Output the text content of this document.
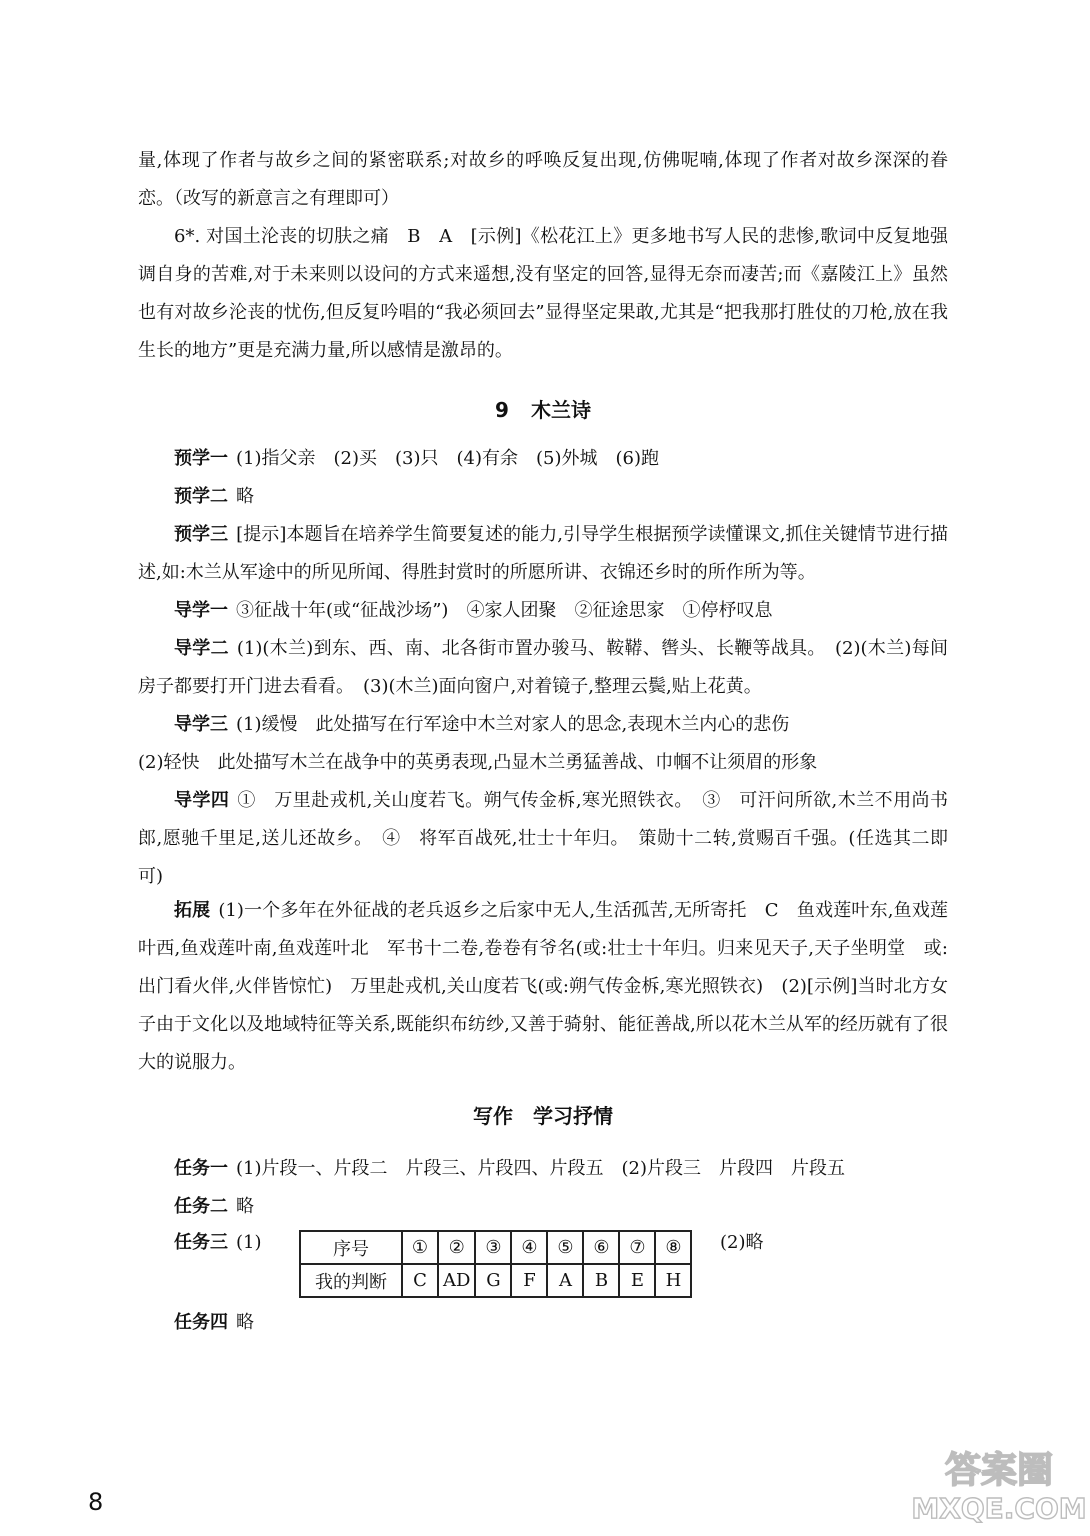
量,体现了作者与故乡之间的紧密联系;对故乡的呼唤反复出现,仿佛呢喃,体现了作者对故乡深深的眷恋。（改写的新意言之有理即可）
6*. 对国土沦丧的切肤之痛　B　A　[示例]《松花江上》更多地书写人民的悲惨,歌词中反复地强调自身的苦难,对于未来则以设问的方式来遥想,没有坚定的回答,显得无奈而凄苦;而《嘉陵江上》虽然也有对故乡沦丧的忧伤,但反复吟唱的“我必须回去”显得坚定果敢,尤其是“把我那打胜仗的刀枪,放在我生长的地方”更是充满力量,所以感情是激昂的。
9 木兰诗
预学一 (1)指父亲　(2)买　(3)只　(4)有余　(5)外城　(6)跑
预学二 略
预学三 [提示]本题旨在培养学生简要复述的能力,引导学生根据预学读懂课文,抓住关键情节进行描述,如:木兰从军途中的所见所闻、得胜封赏时的所愿所讲、衣锦还乡时的所作所为等。
导学一 ③征战十年(或“征战沙场”)　④家人团聚　②征途思家　①停杼叹息
导学二 (1)(木兰)到东、西、南、北各街市置办骏马、鞍鞯、辔头、长鞭等战具。　(2)(木兰)每间房子都要打开门进去看看。　(3)(木兰)面向窗户,对着镜子,整理云鬓,贴上花黄。
导学三 (1)缓慢　此处描写在行军途中木兰对家人的思念,表现木兰内心的悲伤
(2)轻快　此处描写木兰在战争中的英勇表现,凸显木兰勇猛善战、巾帼不让须眉的形象
导学四 ①　万里赴戎机,关山度若飞。朔气传金柝,寒光照铁衣。　③　可汗问所欲,木兰不用尚书郎,愿驰千里足,送儿还故乡。　④　将军百战死,壮士十年归。　策勋十二转,赏赐百千强。(任选其二即可)
拓展 (1)一个多年在外征战的老兵返乡之后家中无人,生活孤苦,无所寄托　C　鱼戏莲叶东,鱼戏莲叶西,鱼戏莲叶南,鱼戏莲叶北　军书十二卷,卷卷有爷名(或:壮士十年归。归来见天子,天子坐明堂　或:出门看火伴,火伴皆惊忙)　万里赴戎机,关山度若飞(或:朔气传金柝,寒光照铁衣)　(2)[示例]当时北方女子由于文化以及地域特征等关系,既能织布纺纱,又善于骑射、能征善战,所以花木兰从军的经历就有了很大的说服力。
写作 学习抒情
任务一 (1)片段一、片段二　片段三、片段四、片段五　(2)片段三　片段四　片段五
任务二 略
任务三 (1)	(2)略
序号	①	②	③	④	⑤	⑥	⑦	⑧
我的判断	C	AD	G	F	A	B	E	H
任务四 略
8
答案圈
MXQE.COM
